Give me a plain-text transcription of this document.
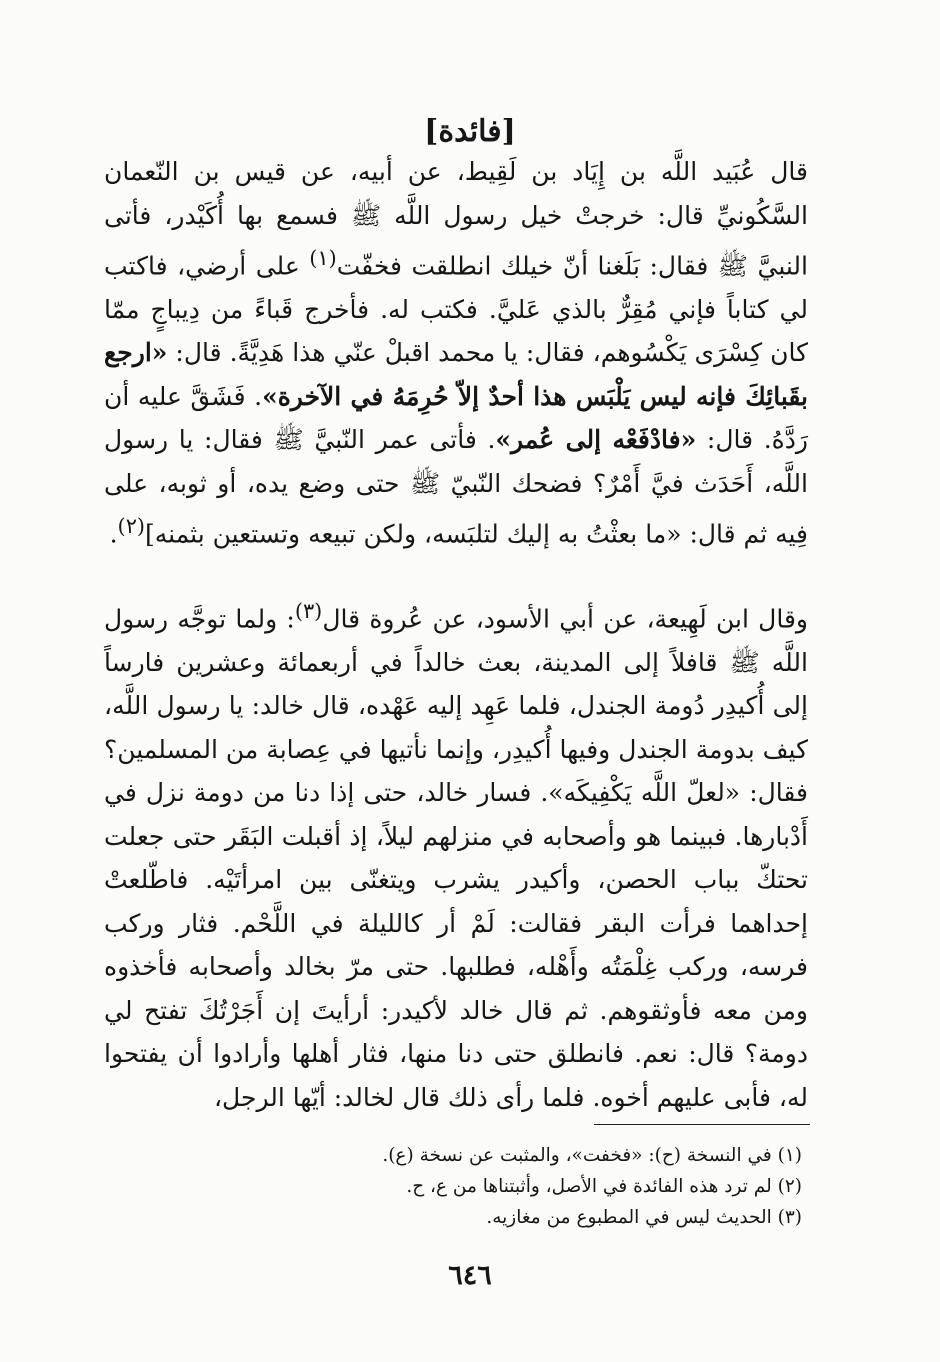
[فائدة]

قال عُبَيد اللَّه بن إِيَاد بن لَقِيط، عن أبيه، عن قيس بن النّعمان السَّكُونيِّ قال: خرجتْ خيل رسول اللَّه ﷺ فسمع بها أُكَيْدر، فأتى النبيَّ ﷺ فقال: بَلَغنا أنّ خيلك انطلقت فخفّت$^{(١)}$ على أرضي، فاكتب لي كتاباً فإني مُقِرٌّ بالذي عَليَّ. فكتب له. فأخرج قَباءً من دِيباجٍ ممّا كان كِسْرَى يَكْسُوهم، فقال: يا محمد اقبلْ عنّي هذا هَدِيَّةً. قال: «ارجع بقَبائِكَ فإنه ليس يَلْبَس هذا أحدٌ إلاّ حُرِمَهُ في الآخرة». فَشَقَّ عليه أن رَدَّهُ. قال: «فادْفَعْه إلى عُمر». فأتى عمر النّبيَّ ﷺ فقال: يا رسول اللَّه، أَحَدَث فيَّ أَمْرٌ؟ فضحك النّبيّ ﷺ حتى وضع يده، أو ثوبه، على فِيه ثم قال: «ما بعثْتُ به إليك لتلبَسه، ولكن تبيعه وتستعين بثمنه]$^{(٢)}$.

وقال ابن لَهِيعة، عن أبي الأسود، عن عُروة قال$^{(٣)}$: ولما توجَّه رسول اللَّه ﷺ قافلاً إلى المدينة، بعث خالداً في أربعمائة وعشرين فارساً إلى أُكيدِر دُومة الجندل، فلما عَهِد إليه عَهْده، قال خالد: يا رسول اللَّه، كيف بدومة الجندل وفيها أُكيدِر، وإنما نأتيها في عِصابة من المسلمين؟ فقال: «لعلّ اللَّه يَكْفِيكَه». فسار خالد، حتى إذا دنا من دومة نزل في أَدْبارها. فبينما هو وأصحابه في منزلهم ليلاً، إذ أقبلت البَقَر حتى جعلت تحتكّ بباب الحصن، وأكيدر يشرب ويتغنّى بين امرأتَيْه. فاطّلعتْ إحداهما فرأت البقر فقالت: لَمْ أر كالليلة في اللَّحْم. فثار وركب فرسه، وركب غِلْمَتُه وأَهْله، فطلبها. حتى مرّ بخالد وأصحابه فأخذوه ومن معه فأوثقوهم. ثم قال خالد لأكيدر: أرأيتَ إن أَجَرْتُكَ تفتح لي دومة؟ قال: نعم. فانطلق حتى دنا منها، فثار أهلها وأرادوا أن يفتحوا له، فأبى عليهم أخوه. فلما رأى ذلك قال لخالد: أيّها الرجل،

(١) في النسخة (ح): «فخفت»، والمثبت عن نسخة (ع).
(٢) لم ترد هذه الفائدة في الأصل، وأثبتناها من ع، ح.
(٣) الحديث ليس في المطبوع من مغازيه.
٦٤٦
